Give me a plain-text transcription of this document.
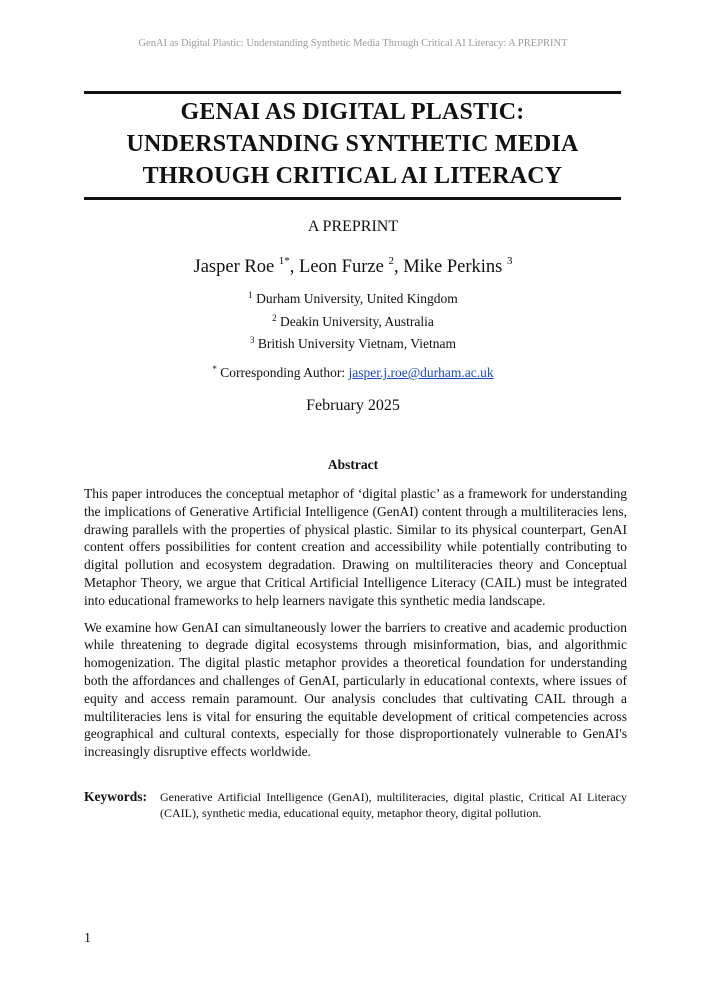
GenAI as Digital Plastic: Understanding Synthetic Media Through Critical AI Literacy: A PREPRINT
GENAI AS DIGITAL PLASTIC:
UNDERSTANDING SYNTHETIC MEDIA
THROUGH CRITICAL AI LITERACY
A PREPRINT
Jasper Roe $^{1*}$, Leon Furze $^2$, Mike Perkins $^3$
$^1$ Durham University, United Kingdom
$^2$ Deakin University, Australia
$^3$ British University Vietnam, Vietnam
* Corresponding Author: jasper.j.roe@durham.ac.uk
February 2025
Abstract

This paper introduces the conceptual metaphor of ‘digital plastic’ as a framework for understanding the implications of Generative Artificial Intelligence (GenAI) content through a multiliteracies lens, drawing parallels with the properties of physical plastic. Similar to its physical counterpart, GenAI content offers possibilities for content creation and accessibility while potentially contributing to digital pollution and ecosystem degradation. Drawing on multiliteracies theory and Conceptual Metaphor Theory, we argue that Critical Artificial Intelligence Literacy (CAIL) must be integrated into educational frameworks to help learners navigate this synthetic media landscape.

We examine how GenAI can simultaneously lower the barriers to creative and academic production while threatening to degrade digital ecosystems through misinformation, bias, and algorithmic homogenization. The digital plastic metaphor provides a theoretical foundation for understanding both the affordances and challenges of GenAI, particularly in educational contexts, where issues of equity and access remain paramount. Our analysis concludes that cultivating CAIL through a multiliteracies lens is vital for ensuring the equitable development of critical competencies across geographical and cultural contexts, especially for those disproportionately vulnerable to GenAI's increasingly disruptive effects worldwide.

Keywords:	Generative Artificial Intelligence (GenAI), multiliteracies, digital plastic, Critical AI Literacy (CAIL), synthetic media, educational equity, metaphor theory, digital pollution.
1
